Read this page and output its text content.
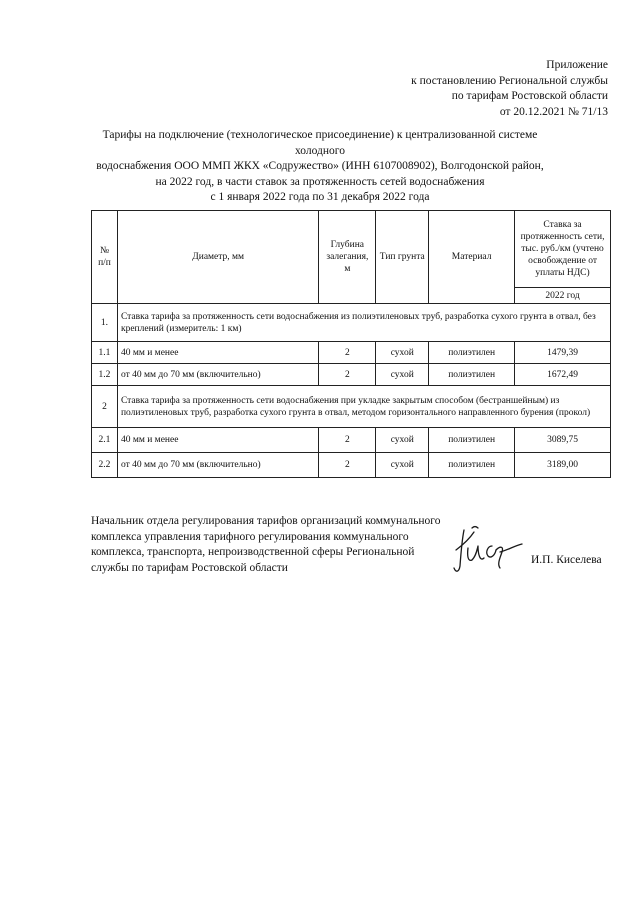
Приложение
к постановлению Региональной службы
по тарифам Ростовской области
от 20.12.2021 № 71/13
Тарифы на подключение (технологическое присоединение) к централизованной системе холодного
водоснабжения ООО ММП ЖКХ «Содружество» (ИНН 6107008902), Волгодонской район,
на 2022 год, в части ставок за протяженность сетей водоснабжения
с 1 января 2022 года по 31 декабря 2022 года
№ п/п	Диаметр, мм	Глубина залегания, м	Тип грунта	Материал	Ставка за протяженность сети, тыс. руб./км (учтено освобождение от уплаты НДС)
					2022 год
1.	Ставка тарифа за протяженность сети водоснабжения из полиэтиленовых труб, разработка сухого грунта в отвал, без креплений (измеритель: 1 км)				
1.1	40 мм и менее	2	сухой	полиэтилен	1479,39
1.2	от 40 мм до 70 мм (включительно)	2	сухой	полиэтилен	1672,49
2	Ставка тарифа за протяженность сети водоснабжения при укладке закрытым способом (бестраншейным) из полиэтиленовых труб, разработка сухого грунта в отвал, методом горизонтального направленного бурения (прокол)				
2.1	40 мм и менее	2	сухой	полиэтилен	3089,75
2.2	от 40 мм до 70 мм (включительно)	2	сухой	полиэтилен	3189,00
Начальник отдела регулирования тарифов организаций коммунального
комплекса управления тарифного регулирования коммунального
комплекса, транспорта, непроизводственной сферы Региональной
службы по тарифам Ростовской области
И.П. Киселева
